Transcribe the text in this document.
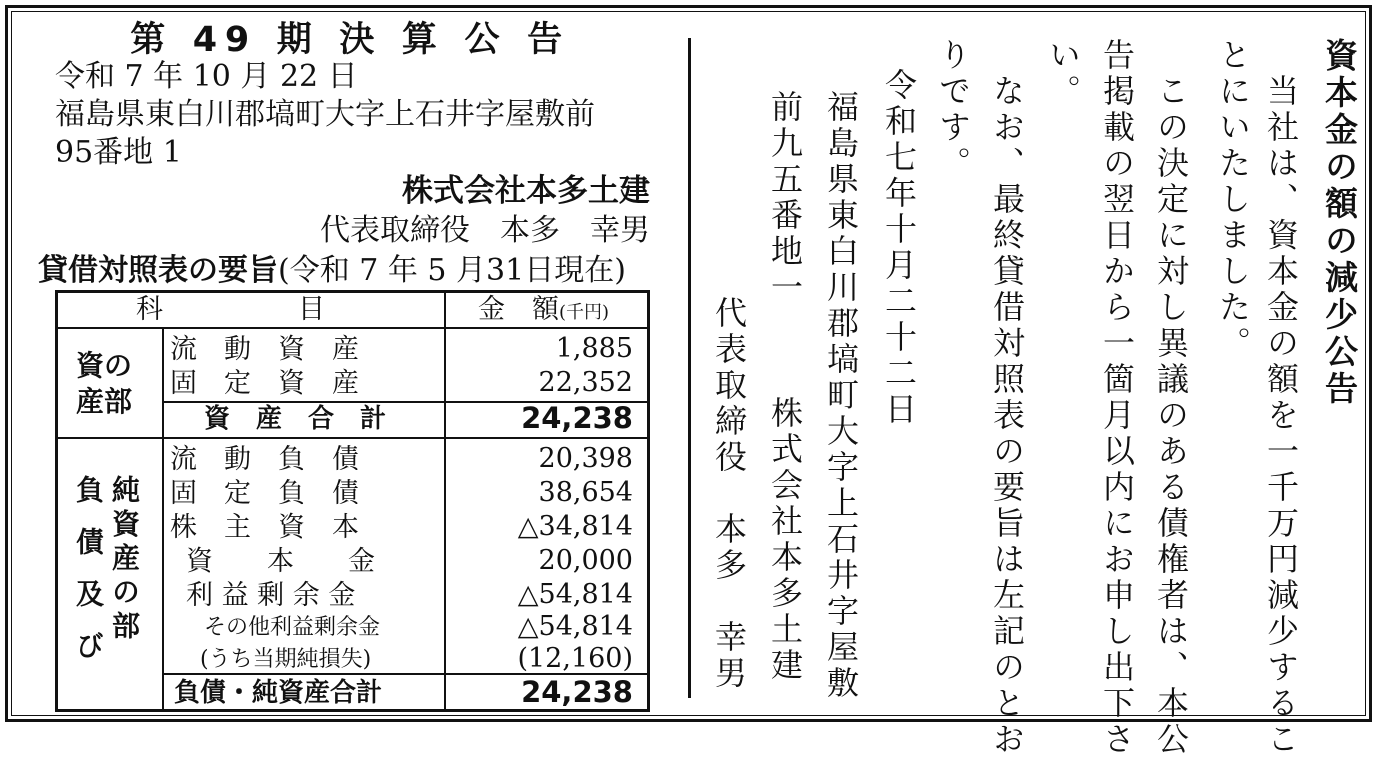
第 49 期 決 算 公 告
令和 7 年 10 月 22 日
福島県東白川郡塙町大字上石井字屋敷前
95番地 1
株式会社本多土建
代表取締役　本多　幸男
貸借対照表の要旨(令和 7 年 5 月31日現在)
科　　　　　目	金　額(千円)
資の
産部
流　動　資　産	1,885
固　定　資　産	22,352
資　産　合　計	24,238
純資産の部
負債及び
流　動　負　債	20,398
固　定　負　債	38,654
株　主　資　本	△34,814
資　　本　　金	20,000
利 益 剰 余 金	△54,814
その他利益剰余金	△54,814
(うち当期純損失)	(12,160)
負債・純資産合計	24,238
資本金の額の減少公告
　当社は、資本金の額を一千万円減少するこ
とにいたしました。
　この決定に対し異議のある債権者は、本公
告掲載の翌日から一箇月以内にお申し出下さ
い。
　なお、最終貸借対照表の要旨は左記のとお
りです。
令和七年十月二十二日
福島県東白川郡塙町大字上石井字屋敷
前九五番地一
株式会社本多土建
代表取締役　本多　幸男
